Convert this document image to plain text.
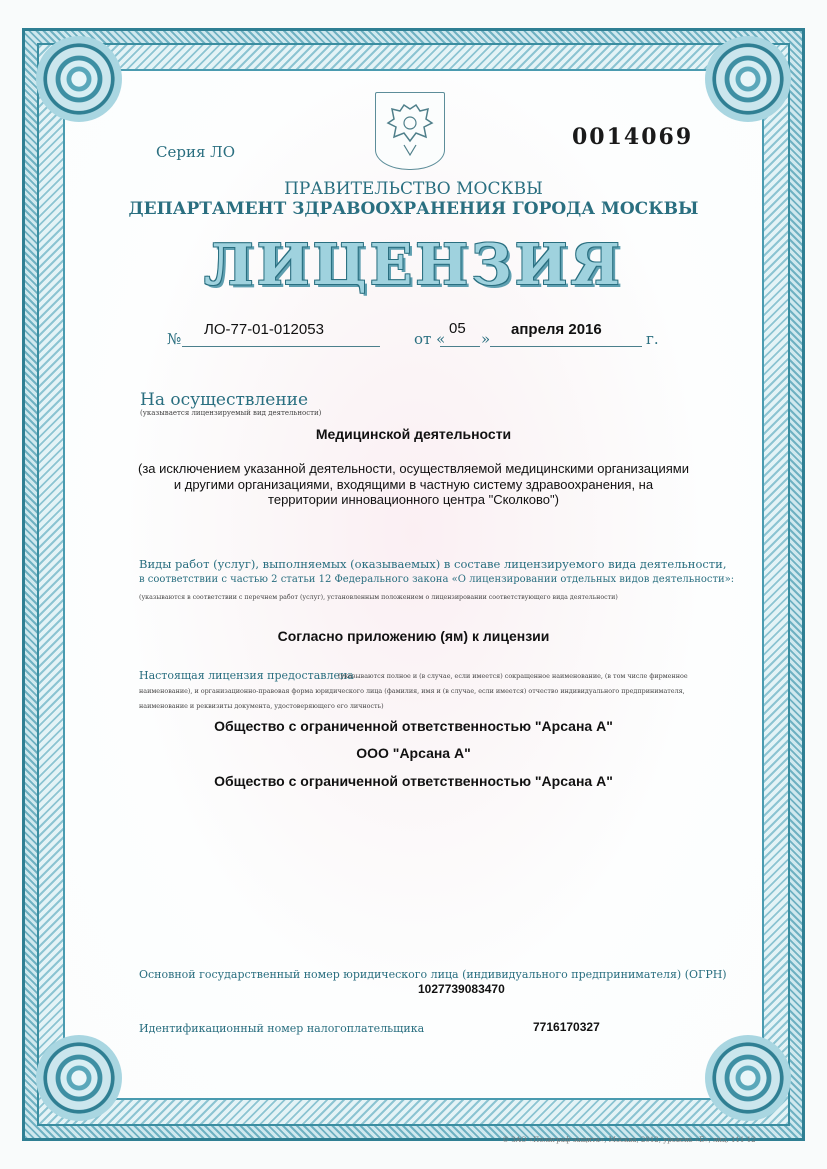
Серия ЛО
0014069
ПРАВИТЕЛЬСТВО МОСКВЫ
ДЕПАРТАМЕНТ ЗДРАВООХРАНЕНИЯ ГОРОДА МОСКВЫ
ЛИЦЕНЗИЯ
№
ЛО-77-01-012053
от «
05
»
апреля 2016
г.
На осуществление
(указывается лицензируемый вид деятельности)
Медицинской деятельности
(за исключением указанной деятельности, осуществляемой медицинскими организациями
и другими организациями, входящими в частную систему здравоохранения, на
территории инновационного центра "Сколково")
Виды работ (услуг), выполняемых (оказываемых) в составе лицензируемого вида деятельности,
в соответствии с частью 2 статьи 12 Федерального закона «О лицензировании отдельных видов деятельности»:
(указываются в соответствии с перечнем работ (услуг), установленным положением о лицензировании соответствующего вида деятельности)
Согласно приложению (ям) к лицензии
Настоящая лицензия предоставлена
(указываются полное и (в случае, если имеется) сокращенное наименование, (в том числе фирменное
наименование), и организационно-правовая форма юридического лица (фамилия, имя и (в случае, если имеется) отчество индивидуального предпринимателя,
наименование и реквизиты документа, удостоверяющего его личность)
Общество с ограниченной ответственностью "Арсана А"
ООО "Арсана А"
Общество с ограниченной ответственностью "Арсана А"
Основной государственный номер юридического лица (индивидуального предпринимателя) (ОГРН)
1027739083470
Идентификационный номер налогоплательщика	7716170327
© ЗАО «Полиграф-защита», Москва, 2012, уровень «Б», лиц. 111-12
